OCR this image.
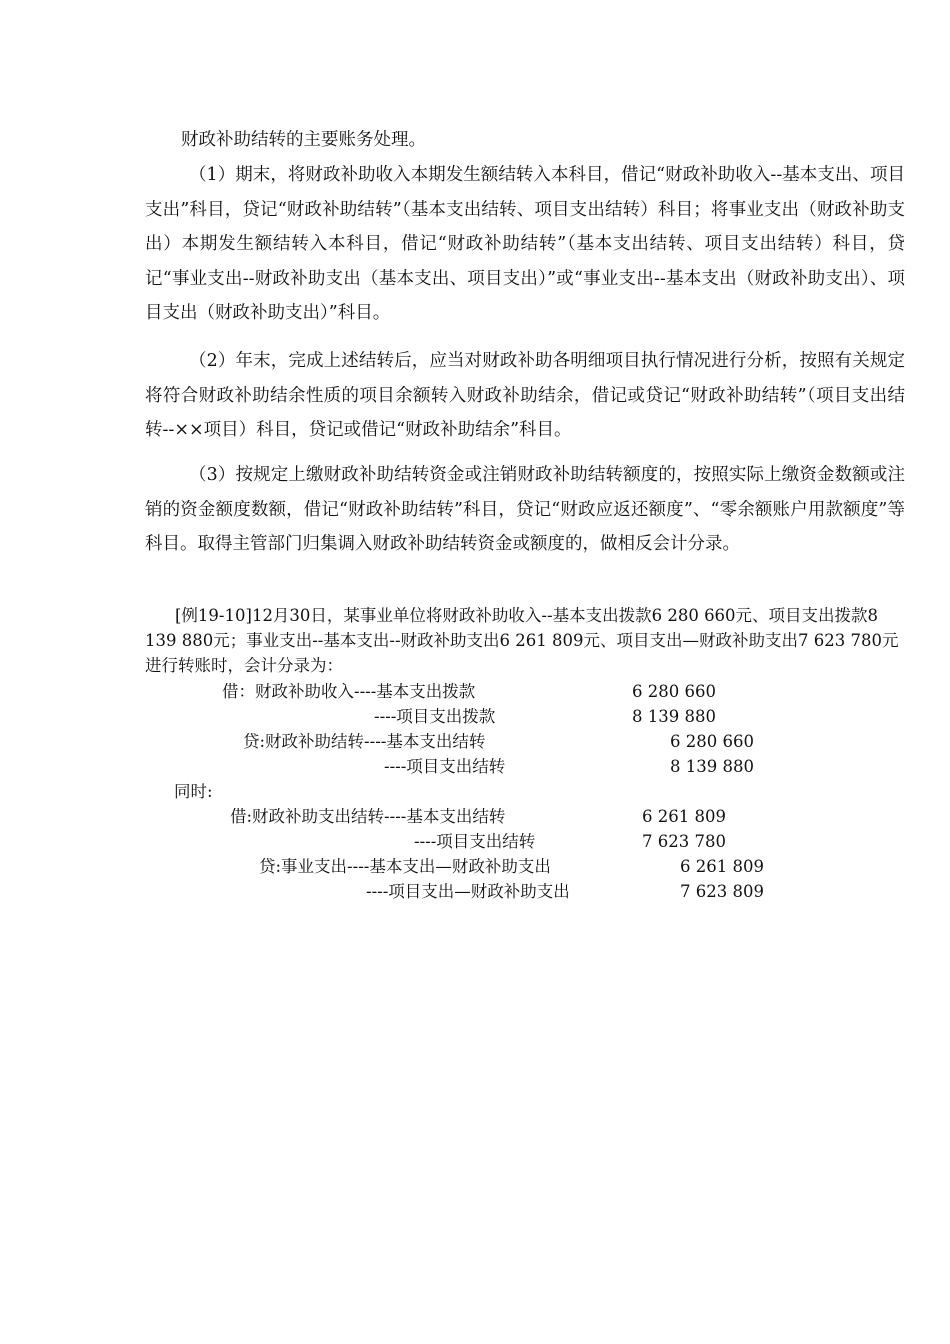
财政补助结转的主要账务处理。

（1）期末，将财政补助收入本期发生额结转入本科目，借记“财政补助收入--基本支出、项目支出”科目，贷记“财政补助结转”（基本支出结转、项目支出结转）科目；将事业支出（财政补助支出）本期发生额结转入本科目，借记“财政补助结转”（基本支出结转、项目支出结转）科目，贷记“事业支出--财政补助支出（基本支出、项目支出）”或“事业支出--基本支出（财政补助支出）、项目支出（财政补助支出）”科目。

（2）年末，完成上述结转后，应当对财政补助各明细项目执行情况进行分析，按照有关规定将符合财政补助结余性质的项目余额转入财政补助结余，借记或贷记“财政补助结转”（项目支出结转--××项目）科目，贷记或借记“财政补助结余”科目。

（3）按规定上缴财政补助结转资金或注销财政补助结转额度的，按照实际上缴资金数额或注销的资金额度数额，借记“财政补助结转”科目，贷记“财政应返还额度”、“零余额账户用款额度”等科目。取得主管部门归集调入财政补助结转资金或额度的，做相反会计分录。

[例19-10]12月30日，某事业单位将财政补助收入--基本支出拨款6 280 660元、项目支出拨款8 139 880元；事业支出--基本支出--财政补助支出6 261 809元、项目支出—财政补助支出7 623 780元进行转账时，会计分录为：

借：财政补助收入----基本支出拨款	6 280 660
----项目支出拨款	8 139 880
贷:财政补助结转----基本支出结转	6 280 660
----项目支出结转	8 139 880
同时:
借:财政补助支出结转----基本支出结转	6 261 809
----项目支出结转	7 623 780
贷:事业支出----基本支出—财政补助支出	6 261 809
----项目支出—财政补助支出	7 623 809
